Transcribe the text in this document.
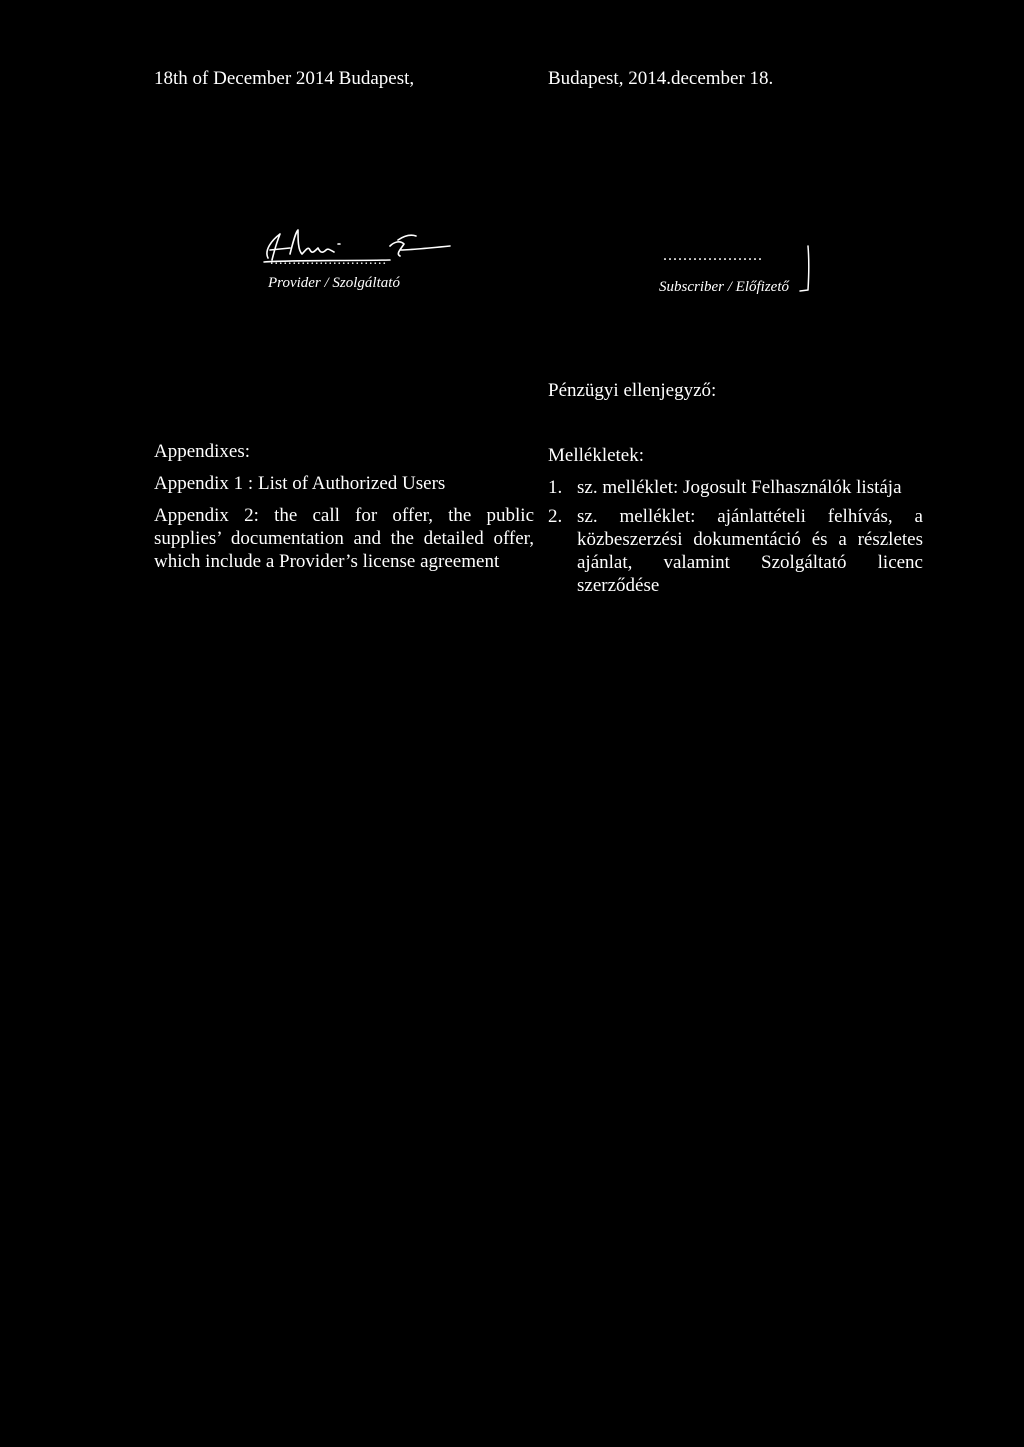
18th of December 2014 Budapest,	Budapest, 2014.december 18.
..........................
Provider / Szolgáltató
....................
Subscriber / Előfizető
Pénzügyi ellenjegyző:
Appendixes:
Appendix 1 : List of Authorized Users
Appendix 2: the call for offer, the public supplies’ documentation and the detailed offer, which include a Provider’s license agreement
Mellékletek:
1. sz. melléklet: Jogosult Felhasználók listája
2. sz. melléklet: ajánlattételi felhívás, a közbeszerzési dokumentáció és a részletes ajánlat, valamint Szolgáltató licenc szerződése
